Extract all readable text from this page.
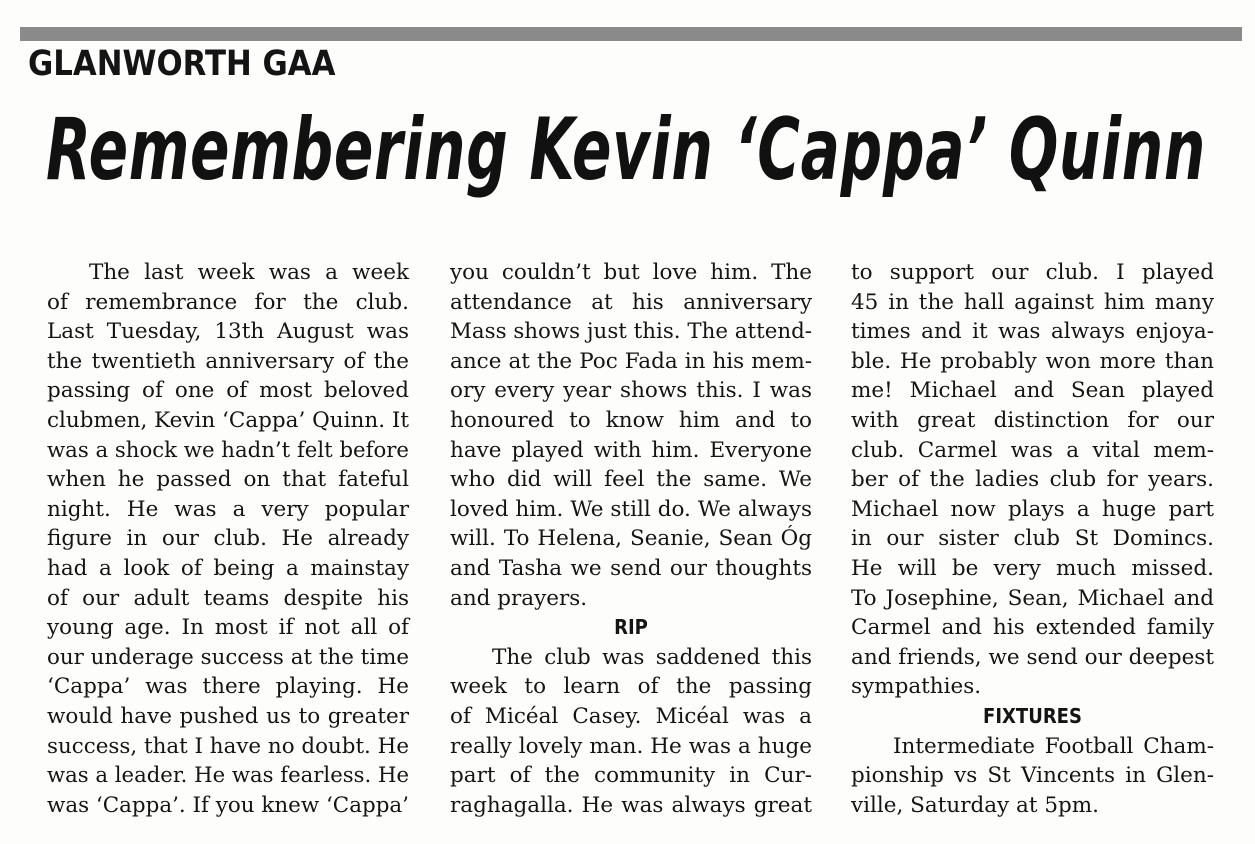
GLANWORTH GAA
Remembering Kevin ‘Cappa’ Quinn
The last week was a week
of remembrance for the club.
Last Tuesday, 13th August was
the twentieth anniversary of the
passing of one of most beloved
clubmen, Kevin ‘Cappa’ Quinn. It
was a shock we hadn’t felt before
when he passed on that fateful
night. He was a very popular
figure in our club. He already
had a look of being a mainstay
of our adult teams despite his
young age. In most if not all of
our underage success at the time
‘Cappa’ was there playing. He
would have pushed us to greater
success, that I have no doubt. He
was a leader. He was fearless. He
was ‘Cappa’. If you knew ‘Cappa’
you couldn’t but love him. The
attendance at his anniversary
Mass shows just this. The attend-
ance at the Poc Fada in his mem-
ory every year shows this. I was
honoured to know him and to
have played with him. Everyone
who did will feel the same. We
loved him. We still do. We always
will. To Helena, Seanie, Sean Óg
and Tasha we send our thoughts
and prayers.
RIP
The club was saddened this
week to learn of the passing
of Micéal Casey. Micéal was a
really lovely man. He was a huge
part of the community in Cur-
raghagalla. He was always great
to support our club. I played
45 in the hall against him many
times and it was always enjoya-
ble. He probably won more than
me! Michael and Sean played
with great distinction for our
club. Carmel was a vital mem-
ber of the ladies club for years.
Michael now plays a huge part
in our sister club St Domincs.
He will be very much missed.
To Josephine, Sean, Michael and
Carmel and his extended family
and friends, we send our deepest
sympathies.
FIXTURES
Intermediate Football Cham-
pionship vs St Vincents in Glen-
ville, Saturday at 5pm.
